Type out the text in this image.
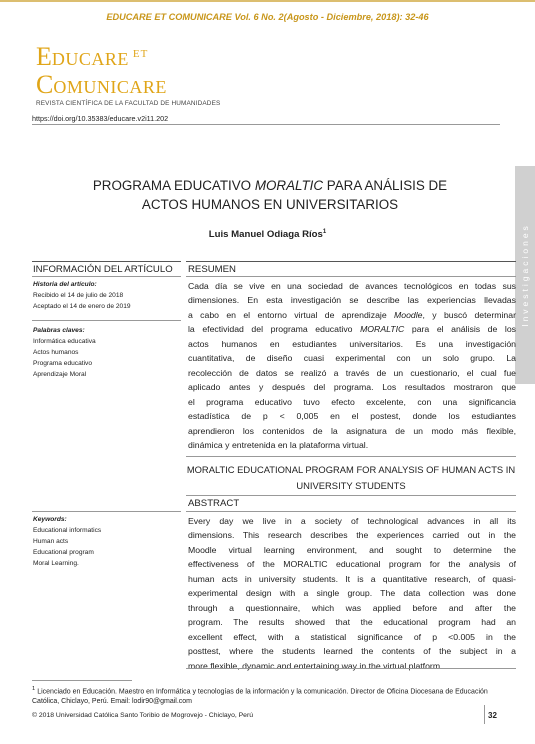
EDUCARE ET COMUNICARE Vol. 6 No. 2(Agosto - Diciembre, 2018): 32-46
EDUCARE $^{ET}$
COMUNICARE
REVISTA CIENTÍFICA DE LA FACULTAD DE HUMANIDADES
https://doi.org/10.35383/educare.v2i11.202
Investigaciones
PROGRAMA EDUCATIVO MORALTIC PARA ANÁLISIS DE ACTOS HUMANOS EN UNIVERSITARIOS
Luis Manuel Odiaga Ríos$^1$
INFORMACIÓN DEL ARTÍCULO RESUMEN
Historia del artículo:
Recibido el 14 de julio de 2018
Aceptado el 14 de enero de 2019
Palabras claves:
Informática educativa
Actos humanos
Programa educativo
Aprendizaje Moral
Cada día se vive en una sociedad de avances tecnológicos en todas sus
dimensiones. En esta investigación se describe las experiencias llevadas
a cabo en el entorno virtual de aprendizaje Moodle, y buscó determinar
la efectividad del programa educativo MORALTIC para el análisis de los
actos humanos en estudiantes universitarios. Es una investigación
cuantitativa, de diseño cuasi experimental con un solo grupo. La
recolección de datos se realizó a través de un cuestionario, el cual fue
aplicado antes y después del programa. Los resultados mostraron que
el programa educativo tuvo efecto excelente, con una significancia
estadística de p < 0,005 en el postest, donde los estudiantes
aprendieron los contenidos de la asignatura de un modo más flexible,
dinámica y entretenida en la plataforma virtual.
MORALTIC EDUCATIONAL PROGRAM FOR ANALYSIS OF HUMAN ACTS IN UNIVERSITY STUDENTS
ABSTRACT
Keywords:
Educational informatics
Human acts
Educational program
Moral Learning.
Every day we live in a society of technological advances in all its
dimensions. This research describes the experiences carried out in the
Moodle virtual learning environment, and sought to determine the
effectiveness of the MORALTIC educational program for the analysis of
human acts in university students. It is a quantitative research, of quasi-
experimental design with a single group. The data collection was done
through a questionnaire, which was applied before and after the
program. The results showed that the educational program had an
excellent effect, with a statistical significance of p <0.005 in the
posttest, where the students learned the contents of the subject in a
more flexible, dynamic and entertaining way in the virtual platform.
$^1$ Licenciado en Educación. Maestro en Informática y tecnologías de la información y la comunicación. Director de Oficina Diocesana de Educación Católica, Chiclayo, Perú. Email: lodir90@gmail.com
© 2018 Universidad Católica Santo Toribio de Mogrovejo - Chiclayo, Perú	32
